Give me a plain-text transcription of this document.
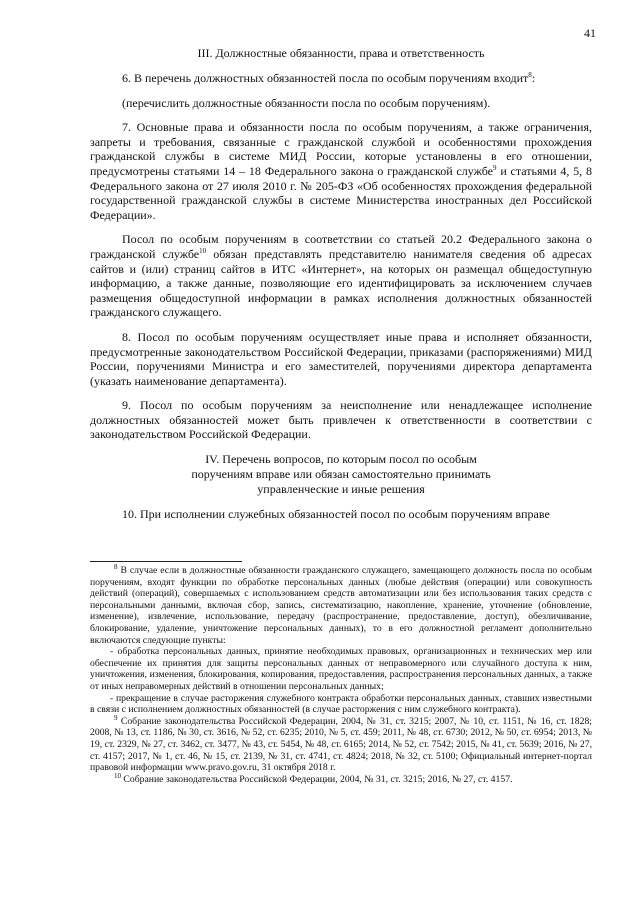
41
III. Должностные обязанности, права и ответственность

6. В перечень должностных обязанностей посла по особым поручениям входит$^8$:

(перечислить должностные обязанности посла по особым поручениям).

7. Основные права и обязанности посла по особым поручениям, а также ограничения, запреты и требования, связанные с гражданской службой и особенностями прохождения гражданской службы в системе МИД России, которые установлены в его отношении, предусмотрены статьями 14 – 18 Федерального закона о гражданской службе$^9$ и статьями 4, 5, 8 Федерального закона от 27 июля 2010 г. № 205-ФЗ «Об особенностях прохождения федеральной государственной гражданской службы в системе Министерства иностранных дел Российской Федерации».

Посол по особым поручениям в соответствии со статьей 20.2 Федерального закона о гражданской службе$^{10}$ обязан представлять представителю нанимателя сведения об адресах сайтов и (или) страниц сайтов в ИТС «Интернет», на которых он размещал общедоступную информацию, а также данные, позволяющие его идентифицировать за исключением случаев размещения общедоступной информации в рамках исполнения должностных обязанностей гражданского служащего.

8. Посол по особым поручениям осуществляет иные права и исполняет обязанности, предусмотренные законодательством Российской Федерации, приказами (распоряжениями) МИД России, поручениями Министра и его заместителей, поручениями директора департамента (указать наименование департамента).

9. Посол по особым поручениям за неисполнение или ненадлежащее исполнение должностных обязанностей может быть привлечен к ответственности в соответствии с законодательством Российской Федерации.

IV. Перечень вопросов, по которым посол по особым
поручениям вправе или обязан самостоятельно принимать
управленческие и иные решения

10. При исполнении служебных обязанностей посол по особым поручениям вправе

$^8$ В случае если в должностные обязанности гражданского служащего, замещающего должность посла по особым поручениям, входят функции по обработке персональных данных (любые действия (операции) или совокупность действий (операций), совершаемых с использованием средств автоматизации или без использования таких средств с персональными данными, включая сбор, запись, систематизацию, накопление, хранение, уточнение (обновление, изменение), извлечение, использование, передачу (распространение, предоставление, доступ), обезличивание, блокирование, удаление, уничтожение персональных данных), то в его должностной регламент дополнительно включаются следующие пункты:

- обработка персональных данных, принятие необходимых правовых, организационных и технических мер или обеспечение их принятия для защиты персональных данных от неправомерного или случайного доступа к ним, уничтожения, изменения, блокирования, копирования, предоставления, распространения персональных данных, а также от иных неправомерных действий в отношении персональных данных;

- прекращение в случае расторжения служебного контракта обработки персональных данных, ставших известными в связи с исполнением должностных обязанностей (в случае расторжения с ним служебного контракта).

$^9$ Собрание законодательства Российской Федерации, 2004, № 31, ст. 3215; 2007, № 10, ст. 1151, № 16, ст. 1828; 2008, № 13, ст. 1186, № 30, ст. 3616, № 52, ст. 6235; 2010, № 5, ст. 459; 2011, № 48, ст. 6730; 2012, № 50, ст. 6954; 2013, № 19, ст. 2329, № 27, ст. 3462, ст. 3477, № 43, ст. 5454, № 48, ст. 6165; 2014, № 52, ст. 7542; 2015, № 41, ст. 5639; 2016, № 27, ст. 4157; 2017, № 1, ст. 46, № 15, ст. 2139, № 31, ст. 4741, ст. 4824; 2018, № 32, ст. 5100; Официальный интернет-портал правовой информации www.pravo.gov.ru, 31 октября 2018 г.

$^{10}$ Собрание законодательства Российской Федерации, 2004, № 31, ст. 3215; 2016, № 27, ст. 4157.
